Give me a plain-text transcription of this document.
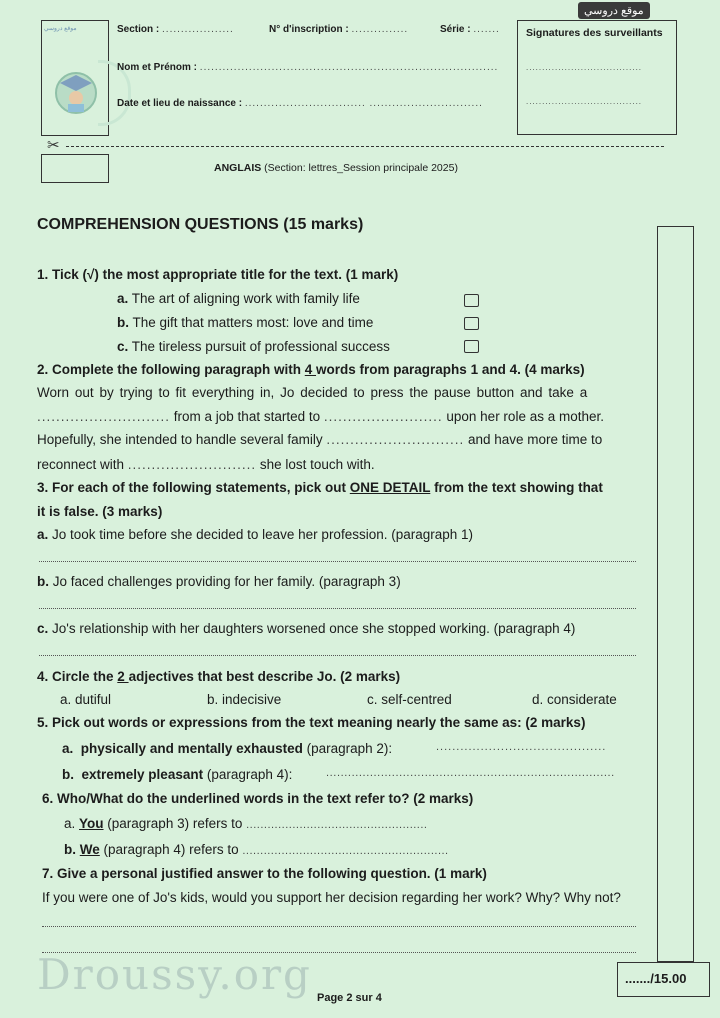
موقع دروسي
موقع دروسي	Section : ...................	N° d'inscription : ...............	Série : .......
Nom et Prénom : ...............................................................................
Date et lieu de naissance : ................................ ..............................
Signatures des surveillants
....................................
....................................
✂
ANGLAIS (Section: lettres_Session principale 2025)
COMPREHENSION QUESTIONS (15 marks)
1. Tick (√) the most appropriate title for the text. (1 mark)
a. The art of aligning work with family life
b. The gift that matters most: love and time
c. The tireless pursuit of professional success
2. Complete the following paragraph with 4 words from paragraphs 1 and 4. (4 marks)
Worn out by trying to fit everything in, Jo decided to press the pause button and take a
............................ from a job that started to ......................... upon her role as a mother.
Hopefully, she intended to handle several family ............................. and have more time to
reconnect with ........................... she lost touch with.
3. For each of the following statements, pick out ONE DETAIL from the text showing that
it is false. (3 marks)
a. Jo took time before she decided to leave her profession. (paragraph 1)
b. Jo faced challenges providing for her family. (paragraph 3)
c. Jo's relationship with her daughters worsened once she stopped working. (paragraph 4)
4. Circle the 2 adjectives that best describe Jo. (2 marks)
a. dutiful	b. indecisive	c. self-centred	d. considerate
5. Pick out words or expressions from the text meaning nearly the same as: (2 marks)
a. physically and mentally exhausted (paragraph 2):	..........................................
b. extremely pleasant (paragraph 4):	...............................................................................
6. Who/What do the underlined words in the text refer to? (2 marks)
a. You (paragraph 3) refers to ...................................................
b. We (paragraph 4) refers to ..........................................................
7. Give a personal justified answer to the following question. (1 mark)
If you were one of Jo's kids, would you support her decision regarding her work? Why? Why not?
......./15.00
Droussy.org Page 2 sur 4
